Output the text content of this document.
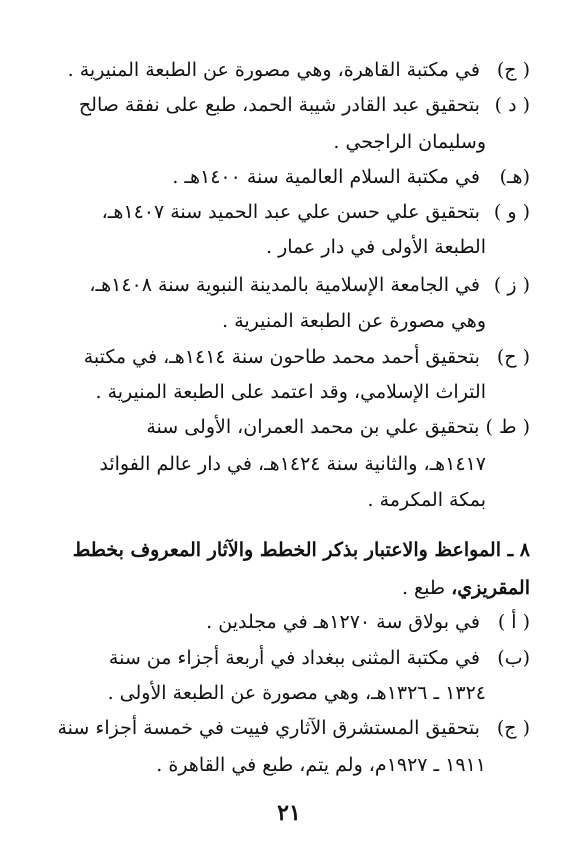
( ج) في مكتبة القاهرة، وهي مصورة عن الطبعة المنيرية .
( د ) بتحقيق عبد القادر شيبة الحمد، طبع على نفقة صالح
وسليمان الراجحي .
(هـ) في مكتبة السلام العالمية سنة ١٤٠٠هـ .
( و ) بتحقيق علي حسن علي عبد الحميد سنة ١٤٠٧هـ،
الطبعة الأولى في دار عمار .
( ز ) في الجامعة الإسلامية بالمدينة النبوية سنة ١٤٠٨هـ،
وهي مصورة عن الطبعة المنيرية .
( ح) بتحقيق أحمد محمد طاحون سنة ١٤١٤هـ، في مكتبة
التراث الإسلامي، وقد اعتمد على الطبعة المنيرية .
( ط ) بتحقيق علي بن محمد العمران، الأولى سنة
١٤١٧هـ، والثانية سنة ١٤٢٤هـ، في دار عالم الفوائد
بمكة المكرمة .
٨ ـ المواعظ والاعتبار بذكر الخطط والآثار المعروف بخطط
المقريزي، طبع .
( أ ) في بولاق سة ١٢٧٠هـ في مجلدين .
(ب) في مكتبة المثنى ببغداد في أربعة أجزاء من سنة
١٣٢٤ ـ ١٣٢٦هـ، وهي مصورة عن الطبعة الأولى .
( ج) بتحقيق المستشرق الآثاري فييت في خمسة أجزاء سنة
١٩١١ ـ ١٩٢٧م، ولم يتم، طبع في القاهرة .
٢١
